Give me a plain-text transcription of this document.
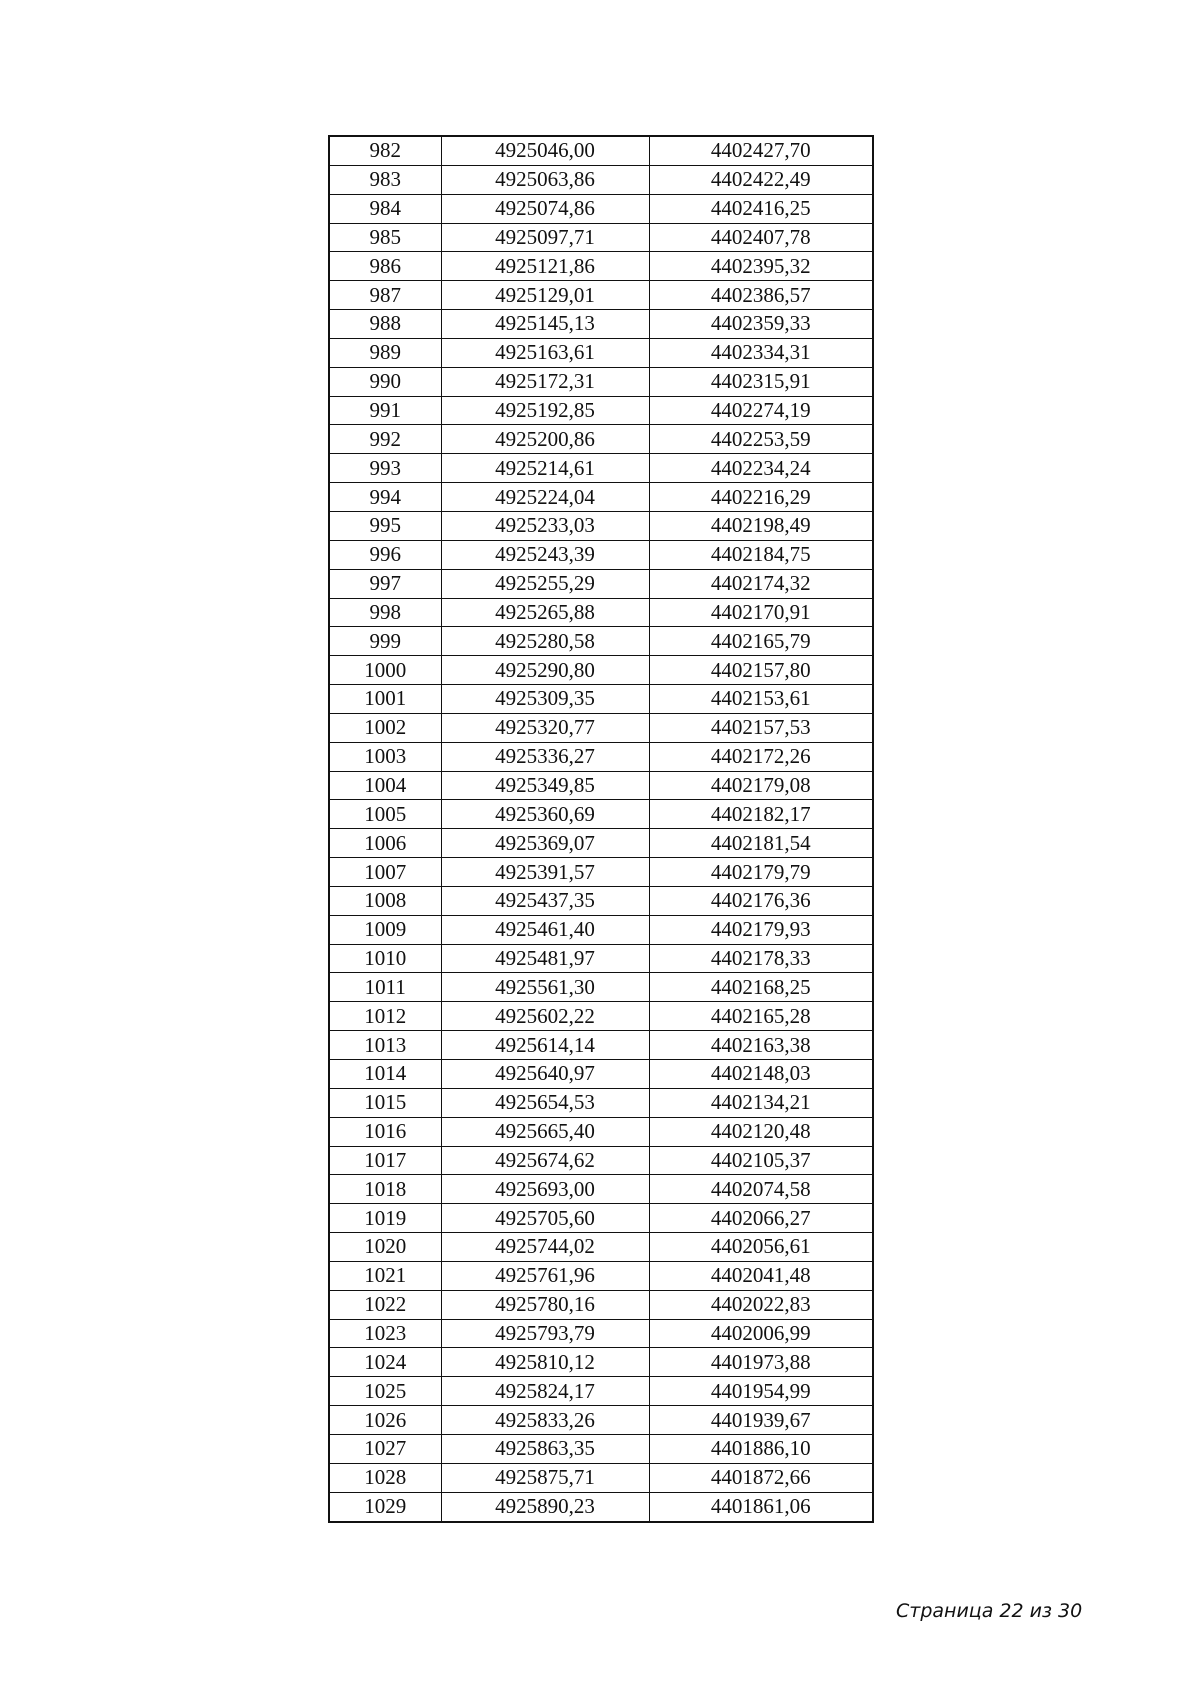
982	4925046,00	4402427,70
983	4925063,86	4402422,49
984	4925074,86	4402416,25
985	4925097,71	4402407,78
986	4925121,86	4402395,32
987	4925129,01	4402386,57
988	4925145,13	4402359,33
989	4925163,61	4402334,31
990	4925172,31	4402315,91
991	4925192,85	4402274,19
992	4925200,86	4402253,59
993	4925214,61	4402234,24
994	4925224,04	4402216,29
995	4925233,03	4402198,49
996	4925243,39	4402184,75
997	4925255,29	4402174,32
998	4925265,88	4402170,91
999	4925280,58	4402165,79
1000	4925290,80	4402157,80
1001	4925309,35	4402153,61
1002	4925320,77	4402157,53
1003	4925336,27	4402172,26
1004	4925349,85	4402179,08
1005	4925360,69	4402182,17
1006	4925369,07	4402181,54
1007	4925391,57	4402179,79
1008	4925437,35	4402176,36
1009	4925461,40	4402179,93
1010	4925481,97	4402178,33
1011	4925561,30	4402168,25
1012	4925602,22	4402165,28
1013	4925614,14	4402163,38
1014	4925640,97	4402148,03
1015	4925654,53	4402134,21
1016	4925665,40	4402120,48
1017	4925674,62	4402105,37
1018	4925693,00	4402074,58
1019	4925705,60	4402066,27
1020	4925744,02	4402056,61
1021	4925761,96	4402041,48
1022	4925780,16	4402022,83
1023	4925793,79	4402006,99
1024	4925810,12	4401973,88
1025	4925824,17	4401954,99
1026	4925833,26	4401939,67
1027	4925863,35	4401886,10
1028	4925875,71	4401872,66
1029	4925890,23	4401861,06
Страница 22 из 30
